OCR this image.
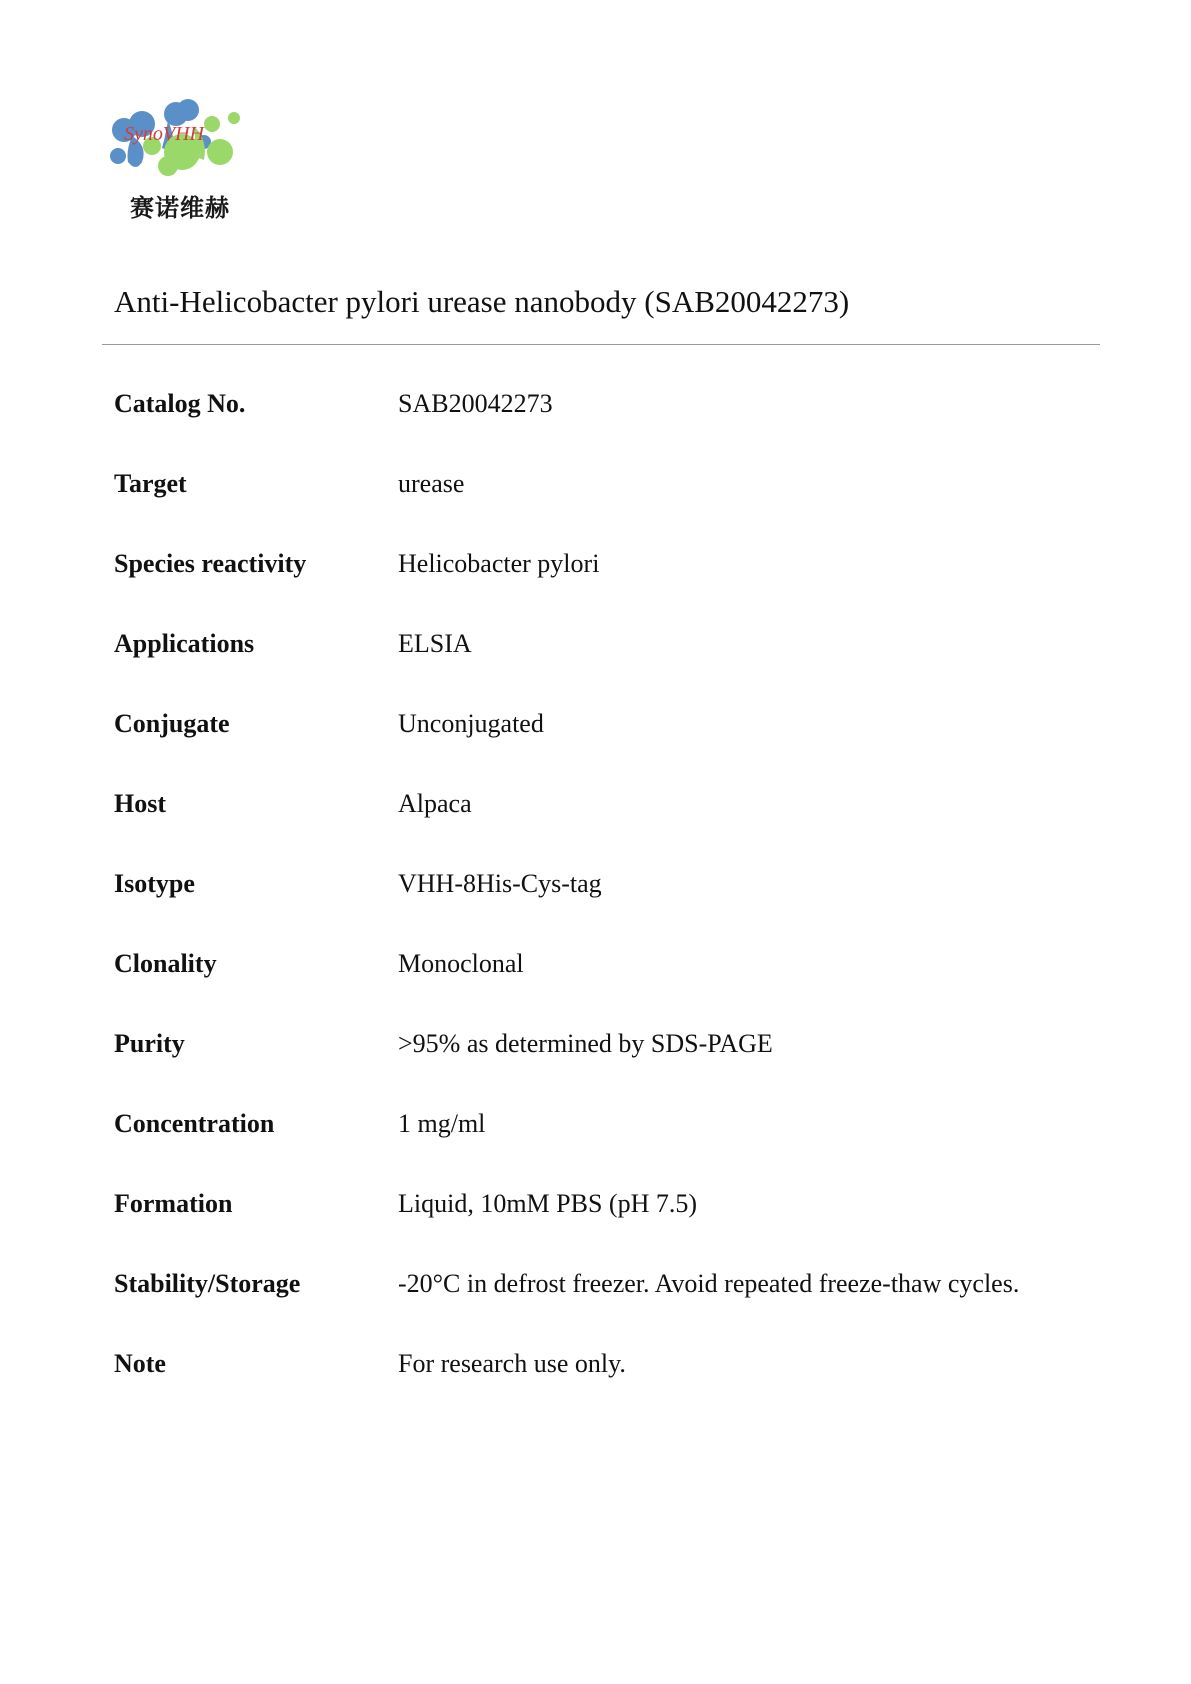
SynoVHH
赛诺维赫
Anti-Helicobacter pylori urease nanobody (SAB20042273)
Catalog No.	SAB20042273
Target	urease
Species reactivity	Helicobacter pylori
Applications	ELSIA
Conjugate	Unconjugated
Host	Alpaca
Isotype	VHH-8His-Cys-tag
Clonality	Monoclonal
Purity	>95% as determined by SDS-PAGE
Concentration	1 mg/ml
Formation	Liquid, 10mM PBS (pH 7.5)
Stability/Storage	-20°C in defrost freezer. Avoid repeated freeze-thaw cycles.
Note	For research use only.
